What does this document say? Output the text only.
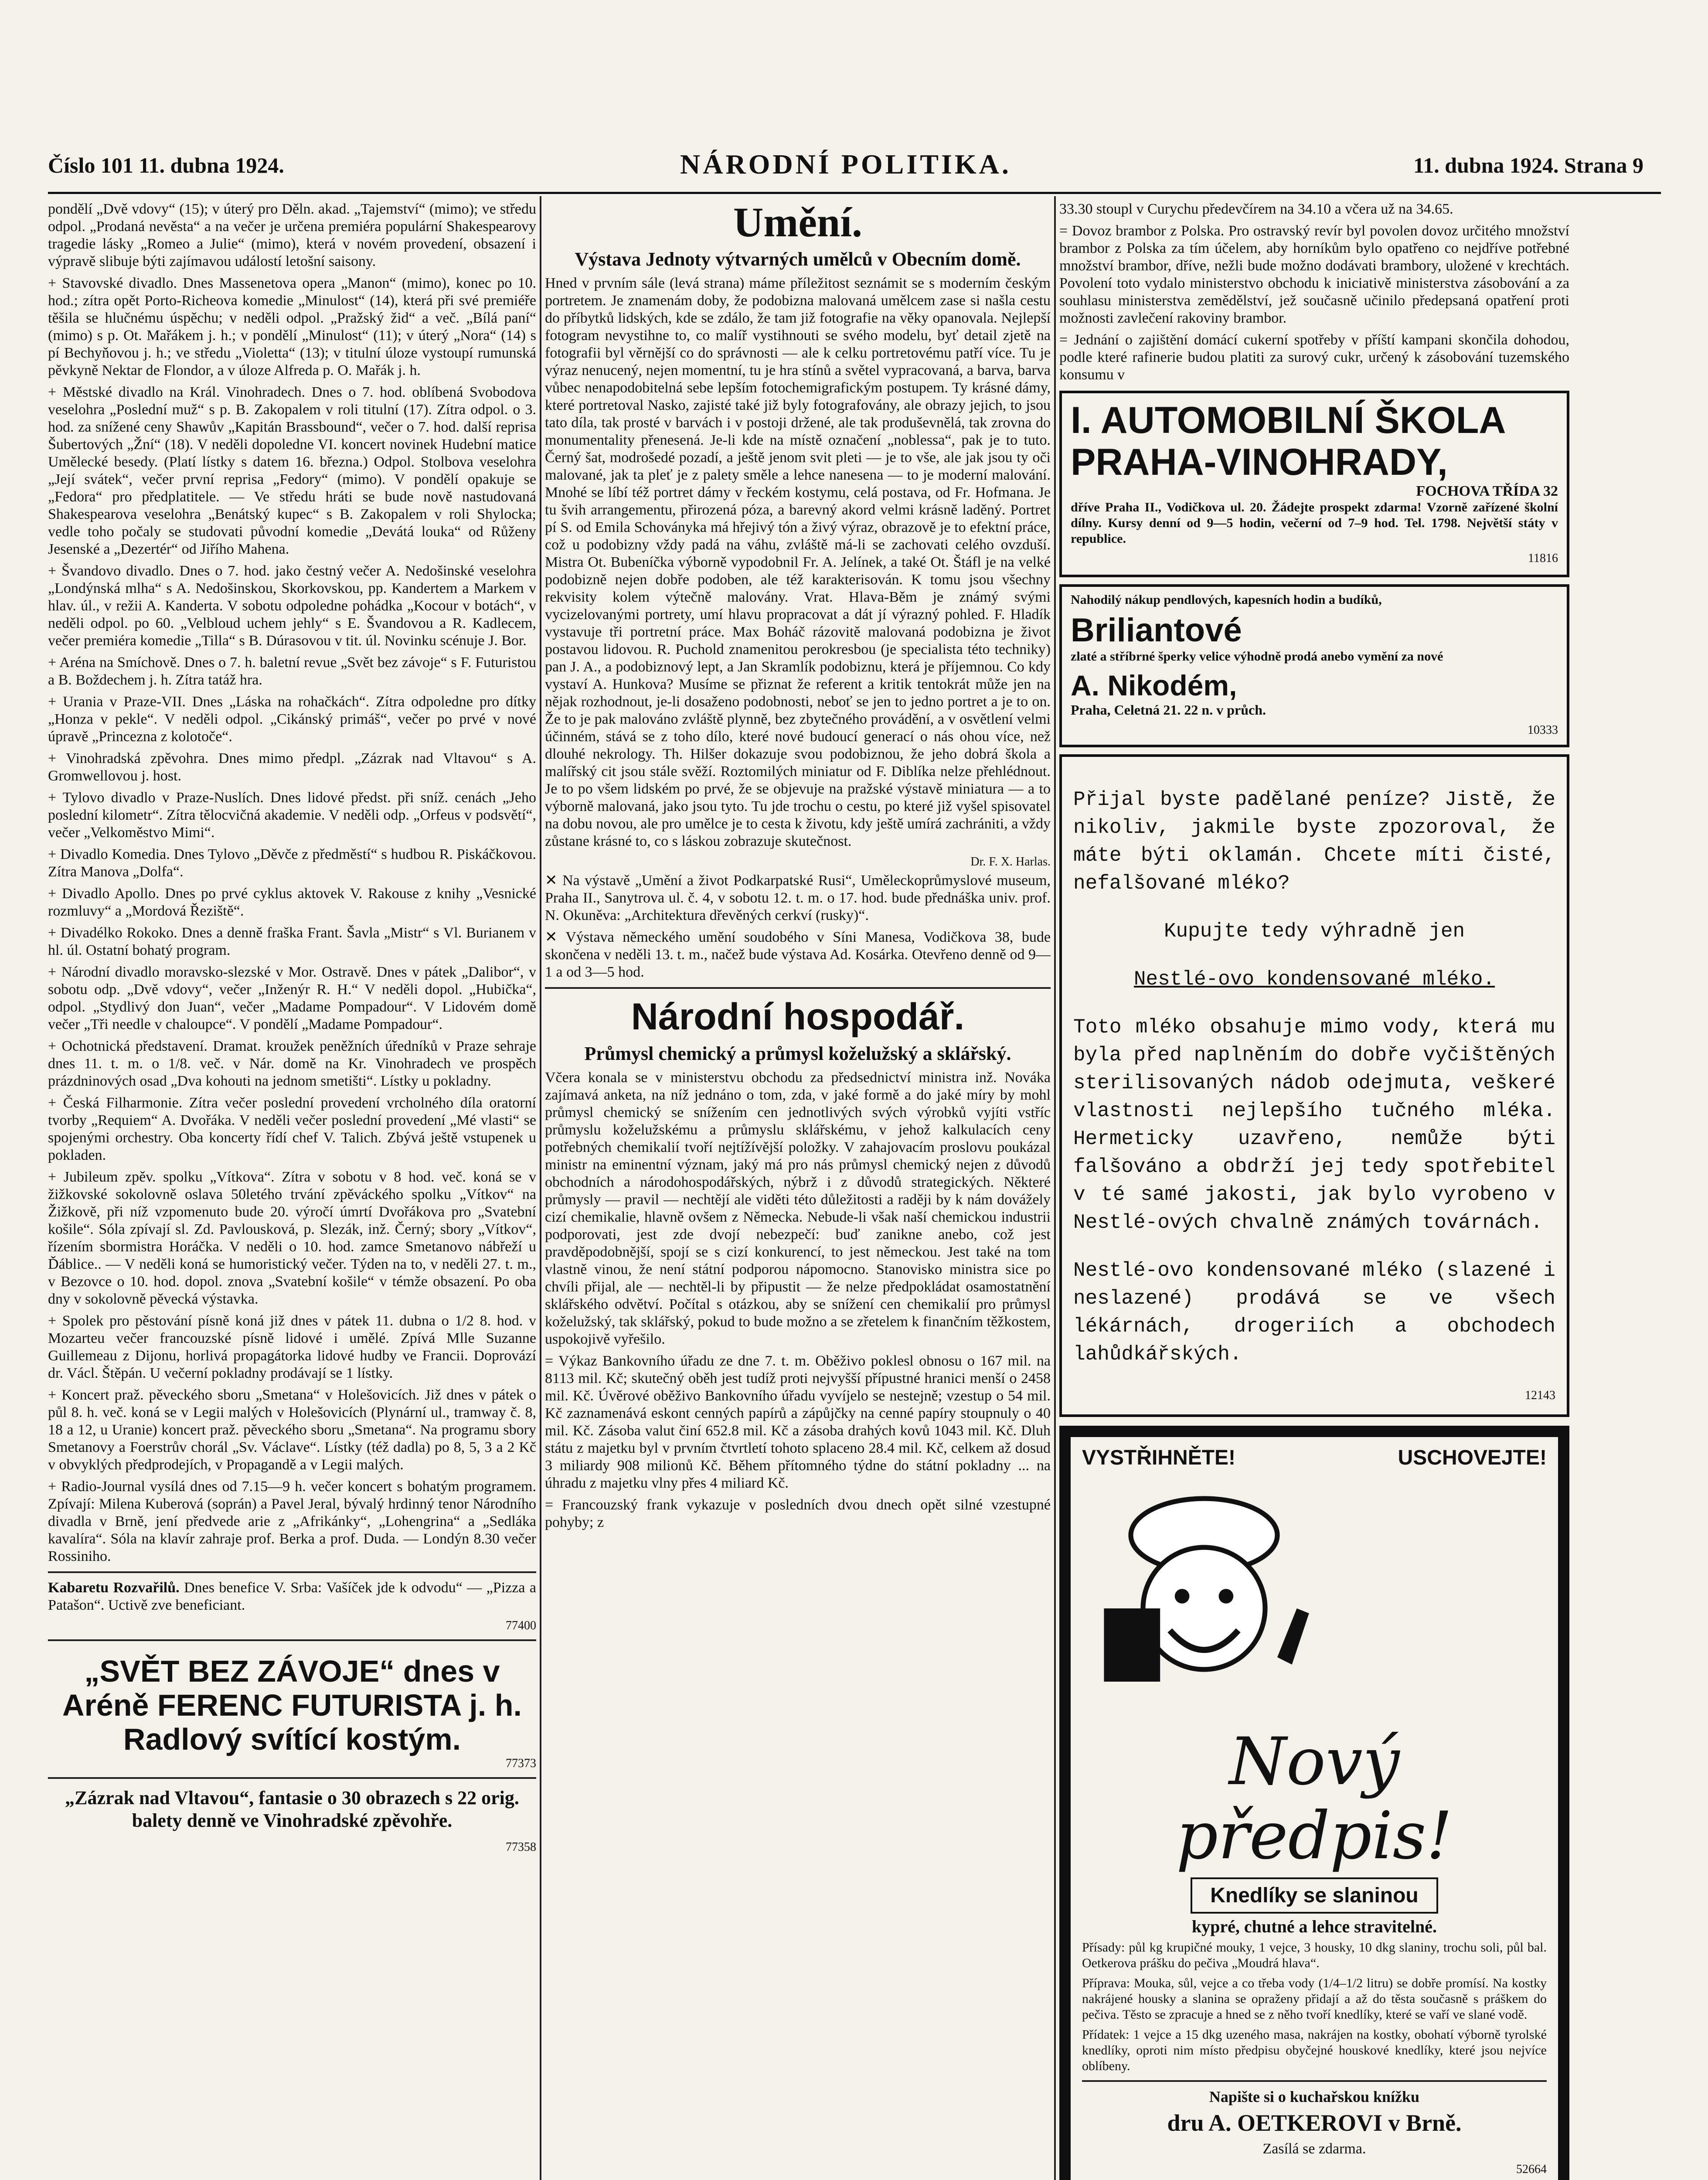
Číslo 101 11. dubna 1924.	NÁRODNÍ POLITIKA.	11. dubna 1924. Strana 9

pondělí „Dvě vdovy“ (15); v úterý pro Děln. akad. „Tajemství“ (mimo); ve středu odpol. „Prodaná nevěsta“ a na večer je určena premiéra populární Shakespearovy tragedie lásky „Romeo a Julie“ (mimo), která v novém provedení, obsazení i výpravě slibuje býti zajímavou událostí letošní saisony.

+ Stavovské divadlo. Dnes Massenetova opera „Manon“ (mimo), konec po 10. hod.; zítra opět Porto-Richeova komedie „Minulost“ (14), která při své premiéře těšila se hlučnému úspěchu; v neděli odpol. „Pražský žid“ a več. „Bílá paní“ (mimo) s p. Ot. Mařákem j. h.; v pondělí „Minulost“ (11); v úterý „Nora“ (14) s pí Bechyňovou j. h.; ve středu „Violetta“ (13); v titulní úloze vystoupí rumunská pěvkyně Nektar de Flondor, a v úloze Alfreda p. O. Mařák j. h.

+ Městské divadlo na Král. Vinohradech. Dnes o 7. hod. oblíbená Svobodova veselohra „Poslední muž“ s p. B. Zakopalem v roli titulní (17). Zítra odpol. o 3. hod. za snížené ceny Shawův „Kapitán Brassbound“, večer o 7. hod. další reprisa Šubertových „Žní“ (18). V neděli dopoledne VI. koncert novinek Hudební matice Umělecké besedy. (Platí lístky s datem 16. března.) Odpol. Stolbova veselohra „Její svátek“, večer první reprisa „Fedory“ (mimo). V pondělí opakuje se „Fedora“ pro předplatitele. — Ve středu hráti se bude nově nastudovaná Shakespearova veselohra „Benátský kupec“ s B. Zakopalem v roli Shylocka; vedle toho počaly se studovati původní komedie „Devátá louka“ od Růženy Jesenské a „Dezertér“ od Jiřího Mahena.

+ Švandovo divadlo. Dnes o 7. hod. jako čestný večer A. Nedošinské veselohra „Londýnská mlha“ s A. Nedošinskou, Skorkovskou, pp. Kandertem a Markem v hlav. úl., v režii A. Kanderta. V sobotu odpoledne pohádka „Kocour v botách“, v neděli odpol. po 60. „Velbloud uchem jehly“ s E. Švandovou a R. Kadlecem, večer premiéra komedie „Tilla“ s B. Dúrasovou v tit. úl. Novinku scénuje J. Bor.

+ Aréna na Smíchově. Dnes o 7. h. baletní revue „Svět bez závoje“ s F. Futuristou a B. Boždechem j. h. Zítra tatáž hra.

+ Urania v Praze-VII. Dnes „Láska na rohačkách“. Zítra odpoledne pro dítky „Honza v pekle“. V neděli odpol. „Cikánský primáš“, večer po prvé v nové úpravě „Princezna z kolotoče“.

+ Vinohradská zpěvohra. Dnes mimo předpl. „Zázrak nad Vltavou“ s A. Gromwellovou j. host.

+ Tylovo divadlo v Praze-Nuslích. Dnes lidové předst. při sníž. cenách „Jeho poslední kilometr“. Zítra tělocvičná akademie. V neděli odp. „Orfeus v podsvětí“, večer „Velkoměstvo Mimi“.

+ Divadlo Komedia. Dnes Tylovo „Děvče z předměstí“ s hudbou R. Piskáčkovou. Zítra Manova „Dolfa“.

+ Divadlo Apollo. Dnes po prvé cyklus aktovek V. Rakouse z knihy „Vesnické rozmluvy“ a „Mordová Řeziště“.

+ Divadélko Rokoko. Dnes a denně fraška Frant. Šavla „Mistr“ s Vl. Burianem v hl. úl. Ostatní bohatý program.

+ Národní divadlo moravsko-slezské v Mor. Ostravě. Dnes v pátek „Dalibor“, v sobotu odp. „Dvě vdovy“, večer „Inženýr R. H.“ V neděli dopol. „Hubička“, odpol. „Stydlivý don Juan“, večer „Madame Pompadour“. V Lidovém domě večer „Tři needle v chaloupce“. V pondělí „Madame Pompadour“.

+ Ochotnická představení. Dramat. kroužek peněžních úředníků v Praze sehraje dnes 11. t. m. o 1/8. več. v Nár. domě na Kr. Vinohradech ve prospěch prázdninových osad „Dva kohouti na jednom smetišti“. Lístky u pokladny.

+ Česká Filharmonie. Zítra večer poslední provedení vrcholného díla oratorní tvorby „Requiem“ A. Dvořáka. V neděli večer poslední provedení „Mé vlasti“ se spojenými orchestry. Oba koncerty řídí chef V. Talich. Zbývá ještě vstupenek u pokladen.

+ Jubileum zpěv. spolku „Vítkova“. Zítra v sobotu v 8 hod. več. koná se v žižkovské sokolovně oslava 50letého trvání zpěváckého spolku „Vítkov“ na Žižkově, při níž vzpomenuto bude 20. výročí úmrtí Dvořákova pro „Svatební košile“. Sóla zpívají sl. Zd. Pavlousková, p. Slezák, inž. Černý; sbory „Vítkov“, řízením sbormistra Horáčka. V neděli o 10. hod. zamce Smetanovo nábřeží u Ďáblice.. — V neděli koná se humoristický večer. Týden na to, v neděli 27. t. m., v Bezovce o 10. hod. dopol. znova „Svatební košile“ v témže obsazení. Po oba dny v sokolovně pěvecká výstavka.

+ Spolek pro pěstování písně koná již dnes v pátek 11. dubna o 1/2 8. hod. v Mozarteu večer francouzské písně lidové i umělé. Zpívá Mlle Suzanne Guillemeau z Dijonu, horlivá propagátorka lidové hudby ve Francii. Doprovází dr. Václ. Štěpán. U večerní pokladny prodávají se 1 lístky.

+ Koncert praž. pěveckého sboru „Smetana“ v Holešovicích. Již dnes v pátek o půl 8. h. več. koná se v Legii malých v Holešovicích (Plynární ul., tramway č. 8, 18 a 12, u Uranie) koncert praž. pěveckého sboru „Smetana“. Na programu sbory Smetanovy a Foerstrův chorál „Sv. Václave“. Lístky (též dadla) po 8, 5, 3 a 2 Kč v obvyklých předprodejích, v Propagandě a v Legii malých.

+ Radio-Journal vysílá dnes od 7.15—9 h. večer koncert s bohatým programem. Zpívají: Milena Kuberová (soprán) a Pavel Jeral, bývalý hrdinný tenor Národního divadla v Brně, jení předvede arie z „Afrikánky“, „Lohengrina“ a „Sedláka kavalíra“. Sóla na klavír zahraje prof. Berka a prof. Duda. — Londýn 8.30 večer Rossiniho.

Kabaretu Rozvařilů. Dnes benefice V. Srba: Vašíček jde k odvodu“ — „Pizza a Patašon“. Uctivě zve beneficiant.

77400

„SVĚT BEZ ZÁVOJE“ dnes v Aréně FERENC FUTURISTA j. h. Radlový svítící kostým.

77373

„Zázrak nad Vltavou“, fantasie o 30 obrazech s 22 orig. balety denně ve Vinohradské zpěvohře.

77358

Umění.
Výstava Jednoty výtvarných umělců v Obecním domě.

Hned v prvním sále (levá strana) máme příležitost seznámit se s moderním českým portretem. Je znamenám doby, že podobizna malovaná umělcem zase si našla cestu do příbytků lidských, kde se zdálo, že tam již fotografie na věky opanovala. Nejlepší fotogram nevystihne to, co malíř vystihnouti se svého modelu, byť detail zjetě na fotografii byl věrnější co do správnosti — ale k celku portretovému patří více. Tu je výraz nenucený, nejen momentní, tu je hra stínů a světel vypracovaná, a barva, barva vůbec nenapodobitelná sebe lepším fotochemigrafickým postupem. Ty krásné dámy, které portretoval Nasko, zajisté také již byly fotografovány, ale obrazy jejich, to jsou tato díla, tak prosté v barvách i v postoji držené, ale tak produševnělá, tak zrovna do monumentality přenesená. Je-li kde na místě označení „noblessa“, pak je to tuto. Černý šat, modrošedé pozadí, a ještě jenom svit pleti — je to vše, ale jak jsou ty oči malované, jak ta pleť je z palety směle a lehce nanesena — to je moderní malování. Mnohé se líbí též portret dámy v řeckém kostymu, celá postava, od Fr. Hofmana. Je tu švih arrangementu, přirozená póza, a barevný akord velmi krásně laděný. Portret pí S. od Emila Schoványka má hřejivý tón a živý výraz, obrazově je to efektní práce, což u podobizny vždy padá na váhu, zvláště má-li se zachovati celého ovzduší. Mistra Ot. Bubeníčka výborně vypodobnil Fr. A. Jelínek, a také Ot. Štáfl je na velké podobizně nejen dobře podoben, ale též karakterisován. K tomu jsou všechny rekvisity kolem výtečně malovány. Vrat. Hlava-Běm je známý svými vycizelovanými portrety, umí hlavu propracovat a dát jí výrazný pohled. F. Hladík vystavuje tři portretní práce. Max Boháč rázovitě malovaná podobizna je život postavou lidovou. R. Puchold znamenitou perokresbou (je specialista této techniky) pan J. A., a podobiznový lept, a Jan Skramlík podobiznu, která je příjemnou. Co kdy vystaví A. Hunkova? Musíme se přiznat že referent a kritik tentokrát může jen na nějak rozhodnout, je-li dosaženo podobnosti, neboť se jen to jedno portret a je to on. Že to je pak malováno zvláště plynně, bez zbytečného provádění, a v osvětlení velmi účinném, stává se z toho dílo, které nové budoucí generací o nás ohou více, než dlouhé nekrology. Th. Hilšer dokazuje svou podobiznou, že jeho dobrá škola a malířský cit jsou stále svěží. Roztomilých miniatur od F. Diblíka nelze přehlédnout. Je to po všem lidském po prvé, že se objevuje na pražské výstavě miniatura — a to výborně malovaná, jako jsou tyto. Tu jde trochu o cestu, po které již vyšel spisovatel na dobu novou, ale pro umělce je to cesta k životu, kdy ještě umírá zachrániti, a vždy zůstane krásné to, co s láskou zobrazuje skutečnost.

Dr. F. X. Harlas.

✕ Na výstavě „Umění a život Podkarpatské Rusi“, Uměleckoprůmyslové museum, Praha II., Sanytrova ul. č. 4, v sobotu 12. t. m. o 17. hod. bude přednáška univ. prof. N. Okuněva: „Architektura dřevěných cerkví (rusky)“.

✕ Výstava německého umění soudobého v Síni Manesa, Vodičkova 38, bude skončena v neděli 13. t. m., načež bude výstava Ad. Kosárka. Otevřeno denně od 9—1 a od 3—5 hod.

Národní hospodář.
Průmysl chemický a průmysl koželužský a sklářský.

Včera konala se v ministerstvu obchodu za předsednictví ministra inž. Nováka zajímavá anketa, na níž jednáno o tom, zda, v jaké formě a do jaké míry by mohl průmysl chemický se snížením cen jednotlivých svých výrobků vyjíti vstříc průmyslu koželužskému a průmyslu sklářskému, v jehož kalkulacích ceny potřebných chemikalií tvoří nejtížívější položky. V zahajovacím proslovu poukázal ministr na eminentní význam, jaký má pro nás průmysl chemický nejen z důvodů obchodních a národohospodářských, nýbrž i z důvodů strategických. Některé průmysly — pravil — nechtějí ale viděti této důležitosti a raději by k nám dovážely cizí chemikalie, hlavně ovšem z Německa. Nebude-li však naší chemickou industrii podporovati, jest zde dvojí nebezpečí: buď zanikne anebo, což jest pravděpodobnější, spojí se s cizí konkurencí, to jest německou. Jest také na tom vlastně vinou, že není státní podporou nápomocno. Stanovisko ministra sice po chvíli přijal, ale — nechtěl-li by připustit — že nelze předpokládat osamostatnění sklářského odvětví. Počítal s otázkou, aby se snížení cen chemikalií pro průmysl koželužský, tak sklářský, pokud to bude možno a se zřetelem k finančním těžkostem, uspokojivě vyřešilo.

= Výkaz Bankovního úřadu ze dne 7. t. m. Oběživo poklesl obnosu o 167 mil. na 8113 mil. Kč; skutečný oběh jest tudíž proti nejvyšší přípustné hranici menší o 2458 mil. Kč. Úvěrové oběživo Bankovního úřadu vyvíjelo se nestejně; vzestup o 54 mil. Kč zaznamenává eskont cenných papírů a zápůjčky na cenné papíry stoupnuly o 40 mil. Kč. Zásoba valut činí 652.8 mil. Kč a zásoba drahých kovů 1043 mil. Kč. Dluh státu z majetku byl v prvním čtvrtletí tohoto splaceno 28.4 mil. Kč, celkem až dosud 3 miliardy 908 milionů Kč. Během přítomného týdne do státní pokladny ... na úhradu z majetku vlny přes 4 miliard Kč.

= Francouzský frank vykazuje v posledních dvou dnech opět silné vzestupné pohyby; z

33.30 stoupl v Curychu předevčírem na 34.10 a včera už na 34.65.

= Dovoz brambor z Polska. Pro ostravský revír byl povolen dovoz určitého množství brambor z Polska za tím účelem, aby horníkům bylo opatřeno co nejdříve potřebné množství brambor, dříve, nežli bude možno dodávati brambory, uložené v krechtách. Povolení toto vydalo ministerstvo obchodu k iniciativě ministerstva zásobování a za souhlasu ministerstva zemědělství, jež současně učinilo předepsaná opatření proti možnosti zavlečení rakoviny brambor.

= Jednání o zajištění domácí cukerní spotřeby v příští kampani skončila dohodou, podle které rafinerie budou platiti za surový cukr, určený k zásobování tuzemského konsumu v

I. AUTOMOBILNÍ ŠKOLA PRAHA-VINOHRADY,
FOCHOVA TŘÍDA 32

dříve Praha II., Vodičkova ul. 20. Žádejte prospekt zdarma! Vzorně zařízené školní dílny. Kursy denní od 9—5 hodin, večerní od 7–9 hod. Tel. 1798. Největší státy v republice.

11816

Nahodilý nákup pendlových, kapesních hodin a budíků,

Briliantové

zlaté a stříbrné šperky velice výhodně prodá anebo vymění za nové

A. Nikodém,

Praha, Celetná 21. 22 n. v průch.

10333

Přijal byste padělané peníze? Jistě, že nikoliv, jakmile byste zpozoroval, že máte býti oklamán. Chcete míti čisté, nefalšované mléko?

Kupujte tedy výhradně jen

Nestlé-ovo kondensované mléko.

Toto mléko obsahuje mimo vody, která mu byla před naplněním do dobře vyčištěných sterilisovaných nádob odejmuta, veškeré vlastnosti nejlepšího tučného mléka. Hermeticky uzavřeno, nemůže býti falšováno a obdrží jej tedy spotřebitel v té samé jakosti, jak bylo vyrobeno v Nestlé-ových chvalně známých továrnách.

Nestlé-ovo kondensované mléko (slazené i neslazené) prodává se ve všech lékárnách, drogeriích a obchodech lahůdkářských.

12143

VYSTŘIHNĚTE!	USCHOVEJTE!
Nový předpis!
Knedlíky se slaninou

kypré, chutné a lehce stravitelné.

Přísady: půl kg krupičné mouky, 1 vejce, 3 housky, 10 dkg slaniny, trochu soli, půl bal. Oetkerova prášku do pečiva „Moudrá hlava“.

Příprava: Mouka, sůl, vejce a co třeba vody (1/4–1/2 litru) se dobře promísí. Na kostky nakrájené housky a slanina se opraženy přidají a až do těsta současně s práškem do pečiva. Těsto se zpracuje a hned se z něho tvoří knedlíky, které se vaří ve slané vodě.

Přídatek: 1 vejce a 15 dkg uzeného masa, nakrájen na kostky, obohatí výborně tyrolské knedlíky, oproti nim místo předpisu obyčejné houskové knedlíky, které jsou nejvíce oblíbeny.

Napište si o kuchařskou knížku

dru A. OETKEROVI v Brně.

Zasílá se zdarma.

52664
